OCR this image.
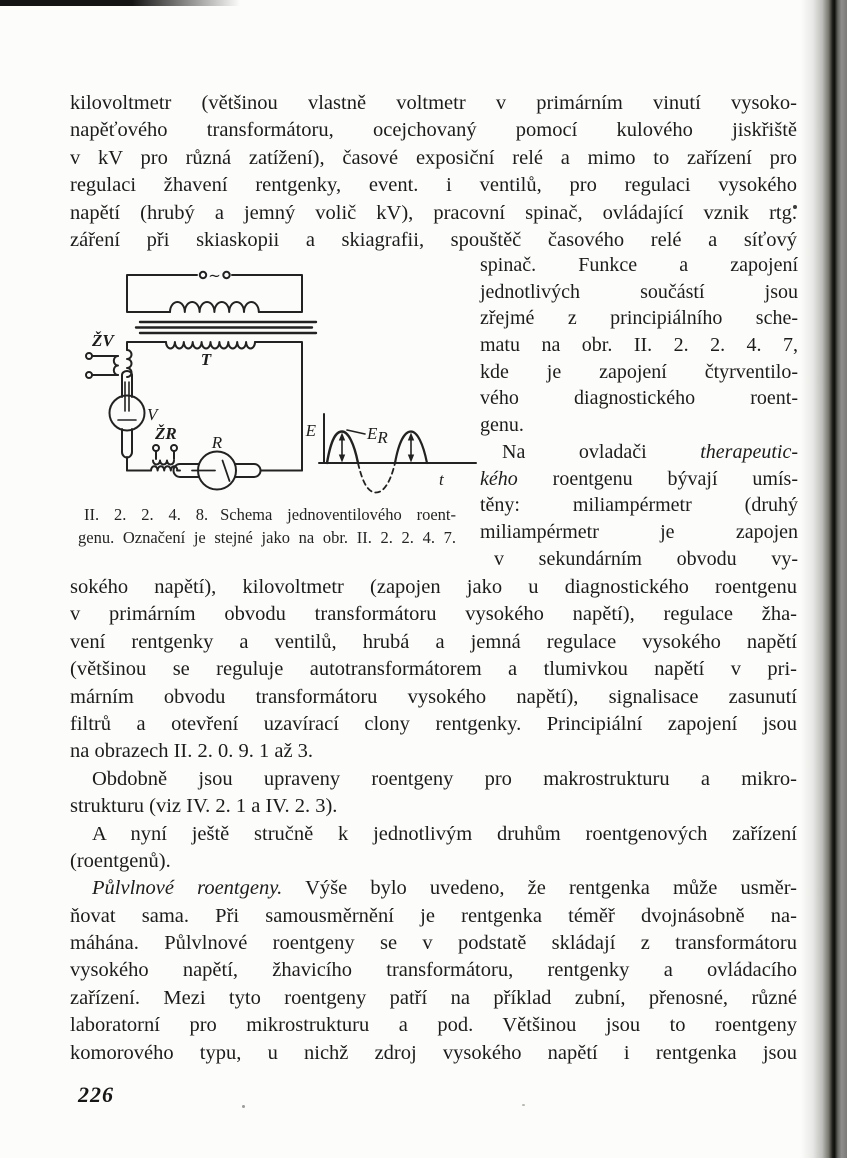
kilovoltmetr (většinou vlastně voltmetr v primárním vinutí vysoko-
napěťového transformátoru, ocejchovaný pomocí kulového jiskřiště
v kV pro různá zatížení), časové exposiční relé a mimo to zařízení pro
regulaci žhavení rentgenky, event. i ventilů, pro regulaci vysokého
napětí (hrubý a jemný volič kV), pracovní spinač, ovládající vznik rtg.
záření při skiaskopii a skiagrafii, spouštěč časového relé a síťový
~
ŽV
T
V
ŽR R
E	ER
t
II. 2. 2. 4. 8. Schema jednoventilového roent-
genu. Označení je stejné jako na obr. II. 2. 2. 4. 7.
spinač. Funkce a zapojení
jednotlivých součástí jsou
zřejmé z principiálního sche-
matu na obr. II. 2. 2. 4. 7,
kde je zapojení čtyrventilo-
vého diagnostického roent-
genu.
Na ovladači therapeutic-
kého roentgenu bývají umís-
těny: miliampérmetr (druhý
miliampérmetr je zapojen
v sekundárním obvodu vy-
sokého napětí), kilovoltmetr (zapojen jako u diagnostického roentgenu
v primárním obvodu transformátoru vysokého napětí), regulace žha-
vení rentgenky a ventilů, hrubá a jemná regulace vysokého napětí
(většinou se reguluje autotransformátorem a tlumivkou napětí v pri-
márním obvodu transformátoru vysokého napětí), signalisace zasunutí
filtrů a otevření uzavírací clony rentgenky. Principiální zapojení jsou
na obrazech II. 2. 0. 9. 1 až 3.
Obdobně jsou upraveny roentgeny pro makrostrukturu a mikro-
strukturu (viz IV. 2. 1 a IV. 2. 3).
A nyní ještě stručně k jednotlivým druhům roentgenových zařízení
(roentgenů).
Půlvlnové roentgeny. Výše bylo uvedeno, že rentgenka může usměr-
ňovat sama. Při samousměrnění je rentgenka téměř dvojnásobně na-
máhána. Půlvlnové roentgeny se v podstatě skládají z transformátoru
vysokého napětí, žhavicího transformátoru, rentgenky a ovládacího
zařízení. Mezi tyto roentgeny patří na příklad zubní, přenosné, různé
laboratorní pro mikrostrukturu a pod. Většinou jsou to roentgeny
komorového typu, u nichž zdroj vysokého napětí i rentgenka jsou
226
